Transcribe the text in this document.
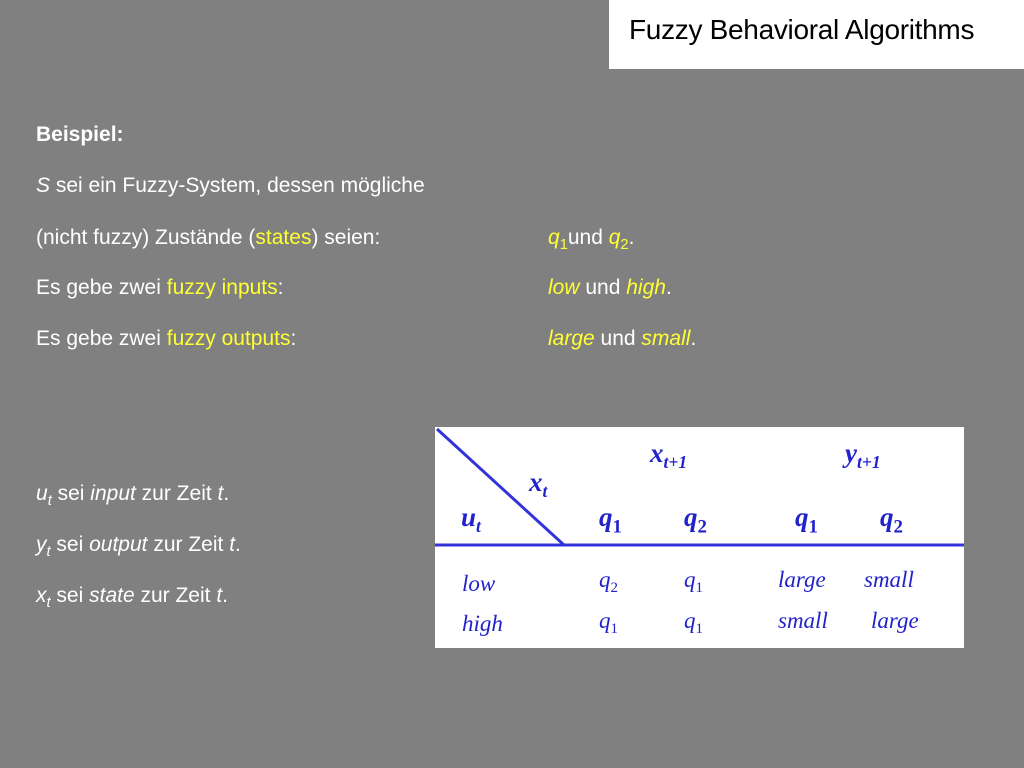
Fuzzy Behavioral Algorithms
Beispiel:
S sei ein Fuzzy-System, dessen mögliche
(nicht fuzzy) Zustände (states) seien:	$q_1und$ $q_2$.
Es gebe zwei fuzzy inputs:	low und high.
Es gebe zwei fuzzy outputs:	large und small.
$u_t$ sei input zur Zeit t.
$y_t$ sei output zur Zeit t.
$x_t$ sei state zur Zeit t.
$x_t$
$u_t$
$x_{t+1}$	$y_{t+1}$
$q_1$ $q_2$	$q_1$ $q_2$
low	$q_2$	$q_1$	large small
high	$q_1$	$q_1$	small large
